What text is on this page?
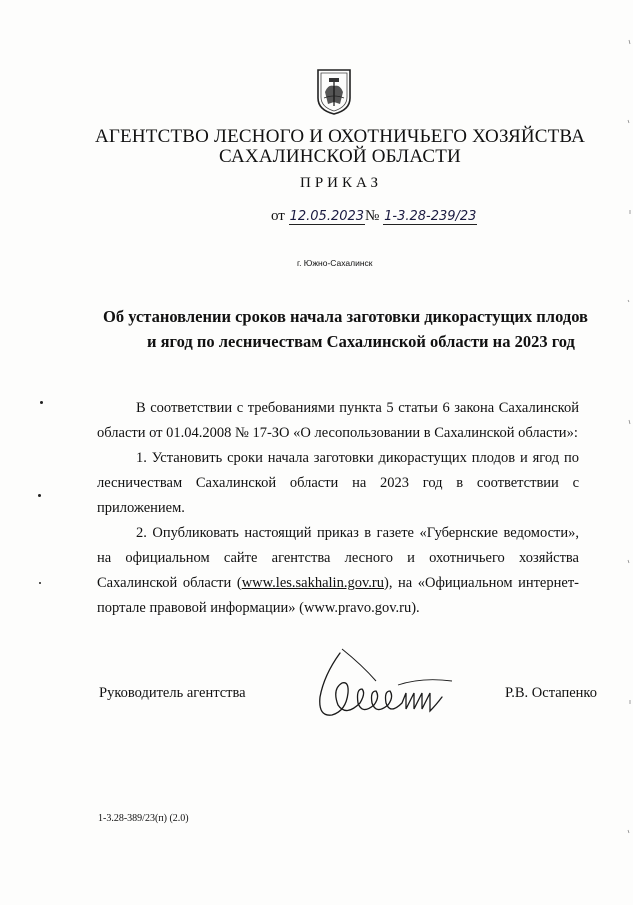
АГЕНТСТВО ЛЕСНОГО И ОХОТНИЧЬЕГО ХОЗЯЙСТВА
САХАЛИНСКОЙ ОБЛАСТИ
ПРИКАЗ
от 12.05.2023№ 1-3.28-239/23
г. Южно-Сахалинск
Об установлении сроков начала заготовки дикорастущих плодов
и ягод по лесничествам Сахалинской области на 2023 год
В соответствии с требованиями пункта 5 статьи 6 закона Сахалинской области от 01.04.2008 № 17-ЗО «О лесопользовании в Сахалинской области»:
1. Установить сроки начала заготовки дикорастущих плодов и ягод по лесничествам Сахалинской области на 2023 год в соответствии с приложением.
2. Опубликовать настоящий приказ в газете «Губернские ведомости», на официальном сайте агентства лесного и охотничьего хозяйства Сахалинской области (www.les.sakhalin.gov.ru), на «Официальном интернет-портале правовой информации» (www.pravo.gov.ru).
Руководитель агентства	Р.В. Остапенко
1-3.28-389/23(п) (2.0)
